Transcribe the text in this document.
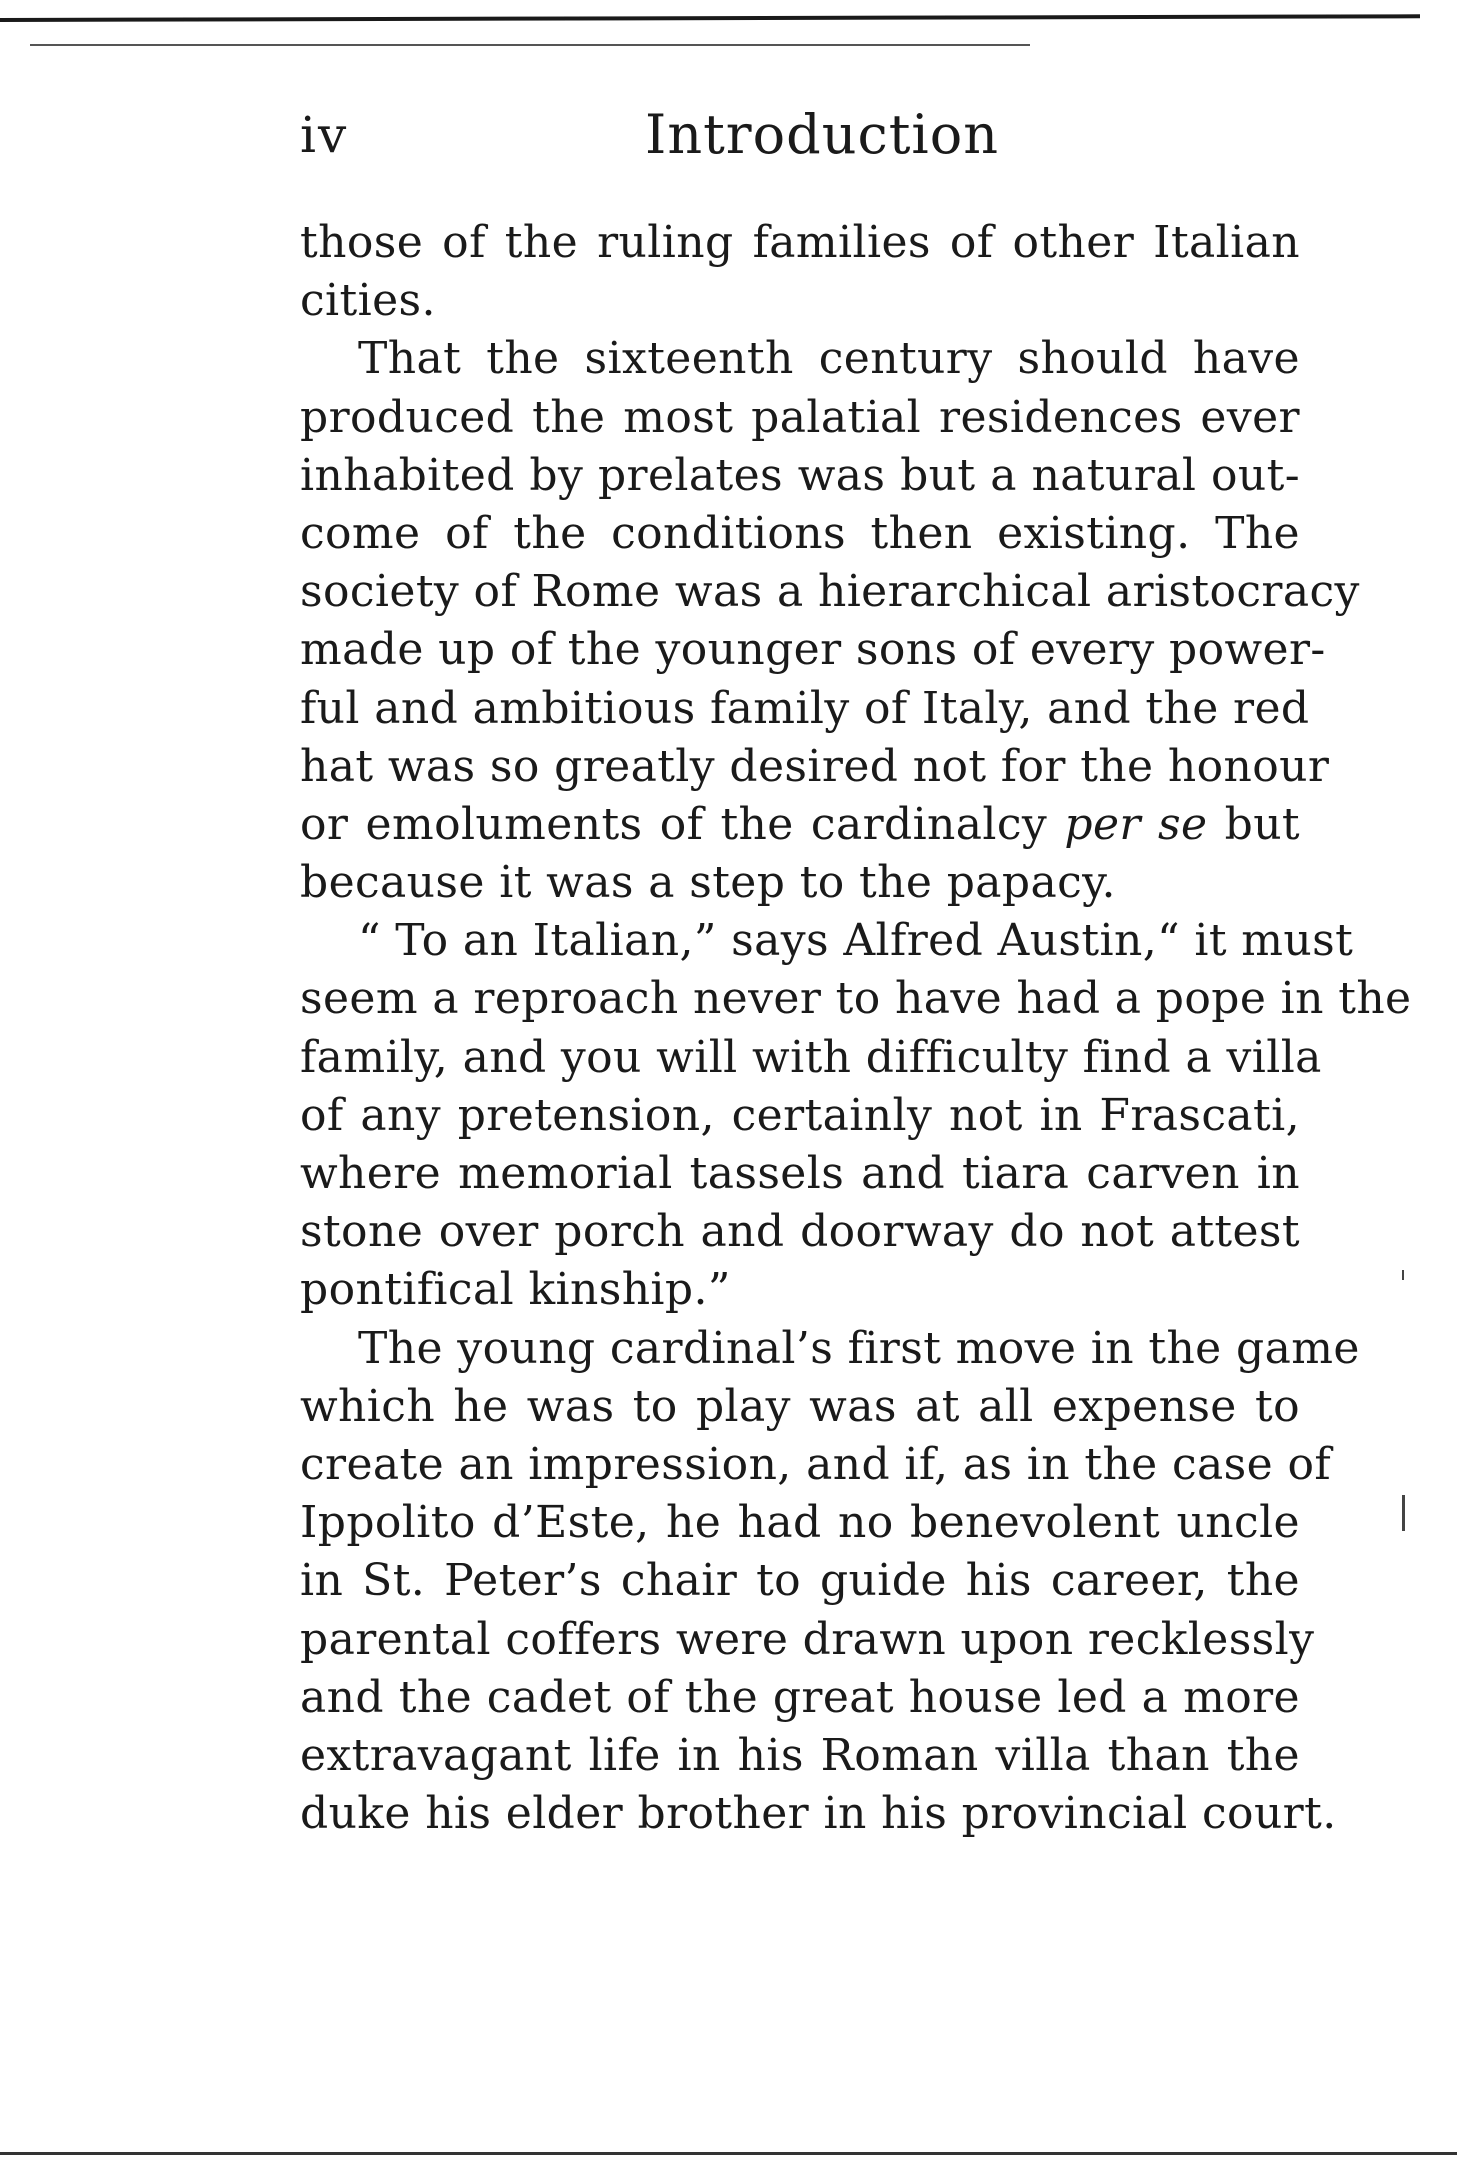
iv	Introduction
those of the ruling families of other Italian
cities.
That the sixteenth century should have
produced the most palatial residences ever
inhabited by prelates was but a natural out-
come of the conditions then existing. The
society of Rome was a hierarchical aristocracy
made up of the younger sons of every power-
ful and ambitious family of Italy, and the red
hat was so greatly desired not for the honour
or emoluments of the cardinalcy per se but
because it was a step to the papacy.
“ To an Italian,” says Alfred Austin,“ it must
seem a reproach never to have had a pope in the
family, and you will with difficulty find a villa
of any pretension, certainly not in Frascati,
where memorial tassels and tiara carven in
stone over porch and doorway do not attest
pontifical kinship.”
The young cardinal’s first move in the game
which he was to play was at all expense to
create an impression, and if, as in the case of
Ippolito d’Este, he had no benevolent uncle
in St. Peter’s chair to guide his career, the
parental coffers were drawn upon recklessly
and the cadet of the great house led a more
extravagant life in his Roman villa than the
duke his elder brother in his provincial court.
